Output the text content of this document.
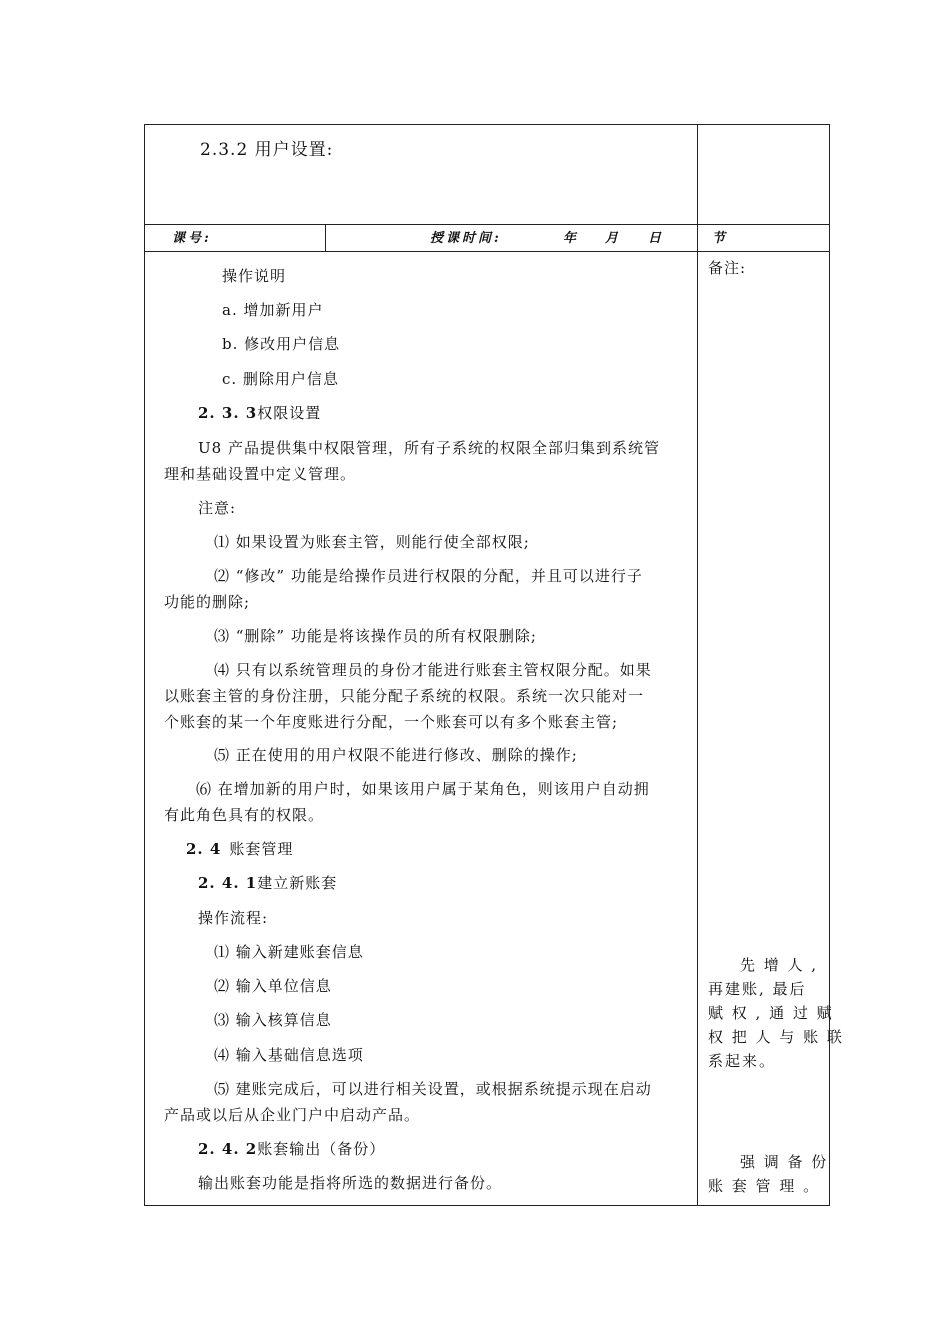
2.3.2 用户设置:
课号:	授课时间:	年 月 日	节
备注:
先 增 人 ,
再建账, 最后
赋 权 , 通 过 赋
权 把 人 与 账 联
系起来。
强 调 备 份
账 套 管 理 。
操作说明
a. 增加新用户
b. 修改用户信息
c. 删除用户信息
2. 3. 3权限设置
U8 产品提供集中权限管理，所有子系统的权限全部归集到系统管
理和基础设置中定义管理。
注意:
⑴ 如果设置为账套主管，则能行使全部权限;
⑵ “修改” 功能是给操作员进行权限的分配，并且可以进行子
功能的删除;
⑶ “删除” 功能是将该操作员的所有权限删除;
⑷ 只有以系统管理员的身份才能进行账套主管权限分配。如果
以账套主管的身份注册，只能分配子系统的权限。系统一次只能对一
个账套的某一个年度账进行分配，一个账套可以有多个账套主管;
⑸ 正在使用的用户权限不能进行修改、删除的操作;
⑹ 在增加新的用户时，如果该用户属于某角色，则该用户自动拥
有此角色具有的权限。
2. 4 账套管理
2. 4. 1建立新账套
操作流程:
⑴ 输入新建账套信息
⑵ 输入单位信息
⑶ 输入核算信息
⑷ 输入基础信息选项
⑸ 建账完成后，可以进行相关设置，或根据系统提示现在启动
产品或以后从企业门户中启动产品。
2. 4. 2账套输出（备份）
输出账套功能是指将所选的数据进行备份。
